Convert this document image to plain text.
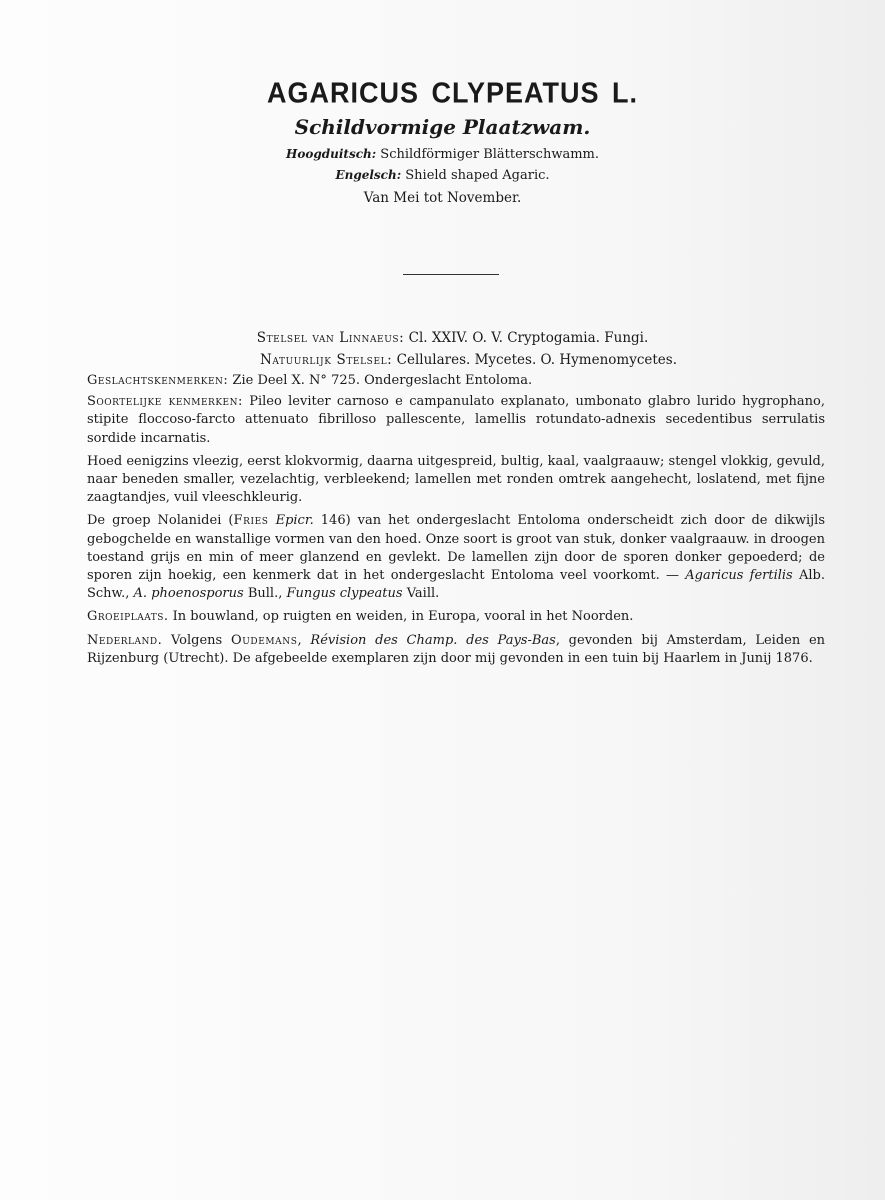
AGARICUS CLYPEATUS L.

Schildvormige Plaatzwam.

Hoogduitsch: Schildförmiger Blätterschwamm.

Engelsch: Shield shaped Agaric.

Van Mei tot November.

Stelsel van Linnaeus: Cl. XXIV. O. V. Cryptogamia. Fungi.
Natuurlijk Stelsel: Cellulares. Mycetes. O. Hymenomycetes.

Geslachtskenmerken: Zie Deel X. N° 725. Ondergeslacht Entoloma.

Soortelijke kenmerken: Pileo leviter carnoso e campanulato explanato, umbonato glabro lurido hygrophano, stipite floccoso-farcto attenuato fibrilloso pallescente, lamellis rotundato-adnexis secedentibus serrulatis sordide incarnatis.

Hoed eenigzins vleezig, eerst klokvormig, daarna uitgespreid, bultig, kaal, vaalgraauw; stengel vlokkig, gevuld, naar beneden smaller, vezelachtig, verbleekend; lamellen met ronden omtrek aangehecht, loslatend, met fijne zaagtandjes, vuil vleeschkleurig.

De groep Nolanidei (Fries Epicr. 146) van het ondergeslacht Entoloma onderscheidt zich door de dikwijls gebogchelde en wanstallige vormen van den hoed. Onze soort is groot van stuk, donker vaalgraauw. in droogen toestand grijs en min of meer glanzend en gevlekt. De lamellen zijn door de sporen donker gepoederd; de sporen zijn hoekig, een kenmerk dat in het ondergeslacht Entoloma veel voorkomt. — Agaricus fertilis Alb. Schw., A. phoenosporus Bull., Fungus clypeatus Vaill.

Groeiplaats. In bouwland, op ruigten en weiden, in Europa, vooral in het Noorden.

Nederland. Volgens Oudemans, Révision des Champ. des Pays-Bas, gevonden bij Amsterdam, Leiden en Rijzenburg (Utrecht). De afgebeelde exemplaren zijn door mij gevonden in een tuin bij Haarlem in Junij 1876.
